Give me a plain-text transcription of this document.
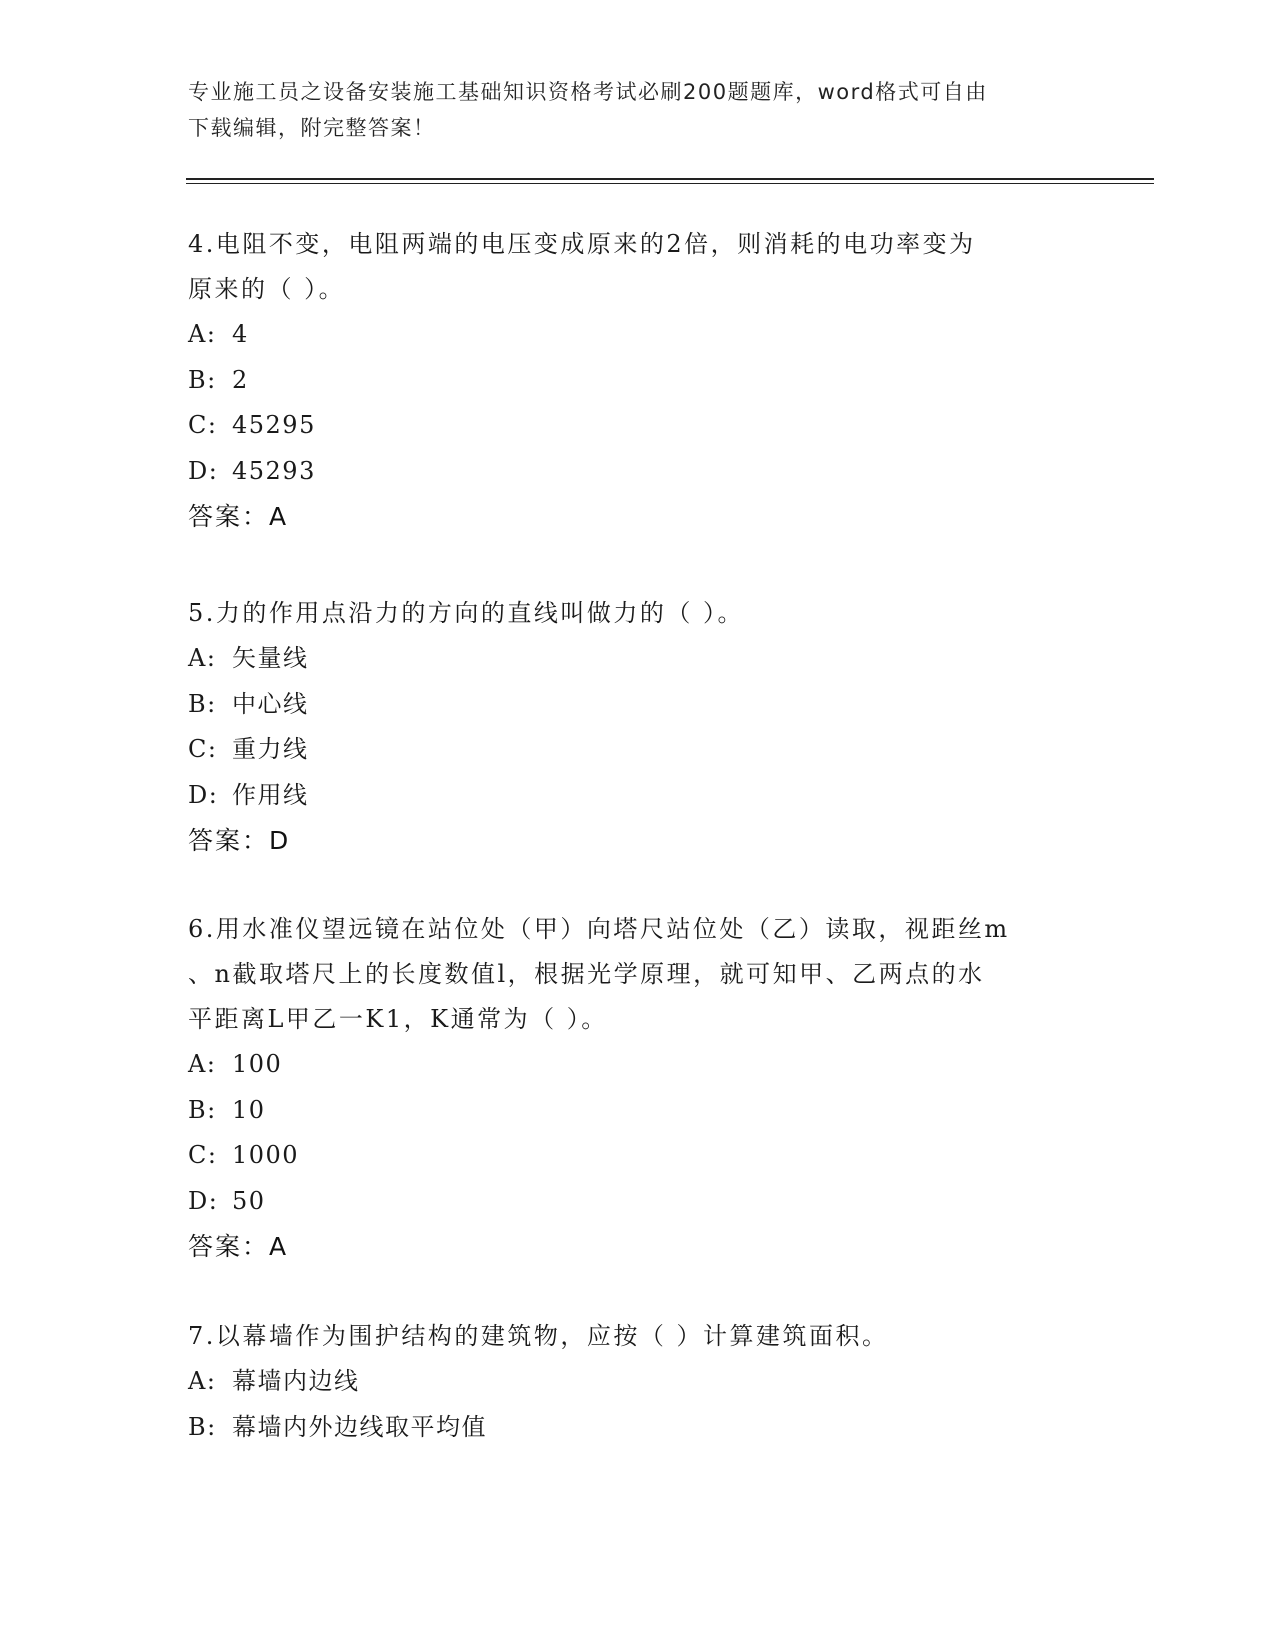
专业施工员之设备安装施工基础知识资格考试必刷200题题库，word格式可自由
下载编辑，附完整答案！
4.电阻不变，电阻两端的电压变成原来的2倍，则消耗的电功率变为
原来的（ ）。
A: 4
B: 2
C: 45295
D: 45293
答案：A
5.力的作用点沿力的方向的直线叫做力的（ ）。
A: 矢量线
B: 中心线
C: 重力线
D: 作用线
答案：D
6.用水准仪望远镜在站位处（甲）向塔尺站位处（乙）读取，视距丝m
、n截取塔尺上的长度数值l，根据光学原理，就可知甲、乙两点的水
平距离L甲乙一K1，K通常为（ ）。
A: 100
B: 10
C: 1000
D: 50
答案：A
7.以幕墙作为围护结构的建筑物，应按（ ）计算建筑面积。
A: 幕墙内边线
B: 幕墙内外边线取平均值
